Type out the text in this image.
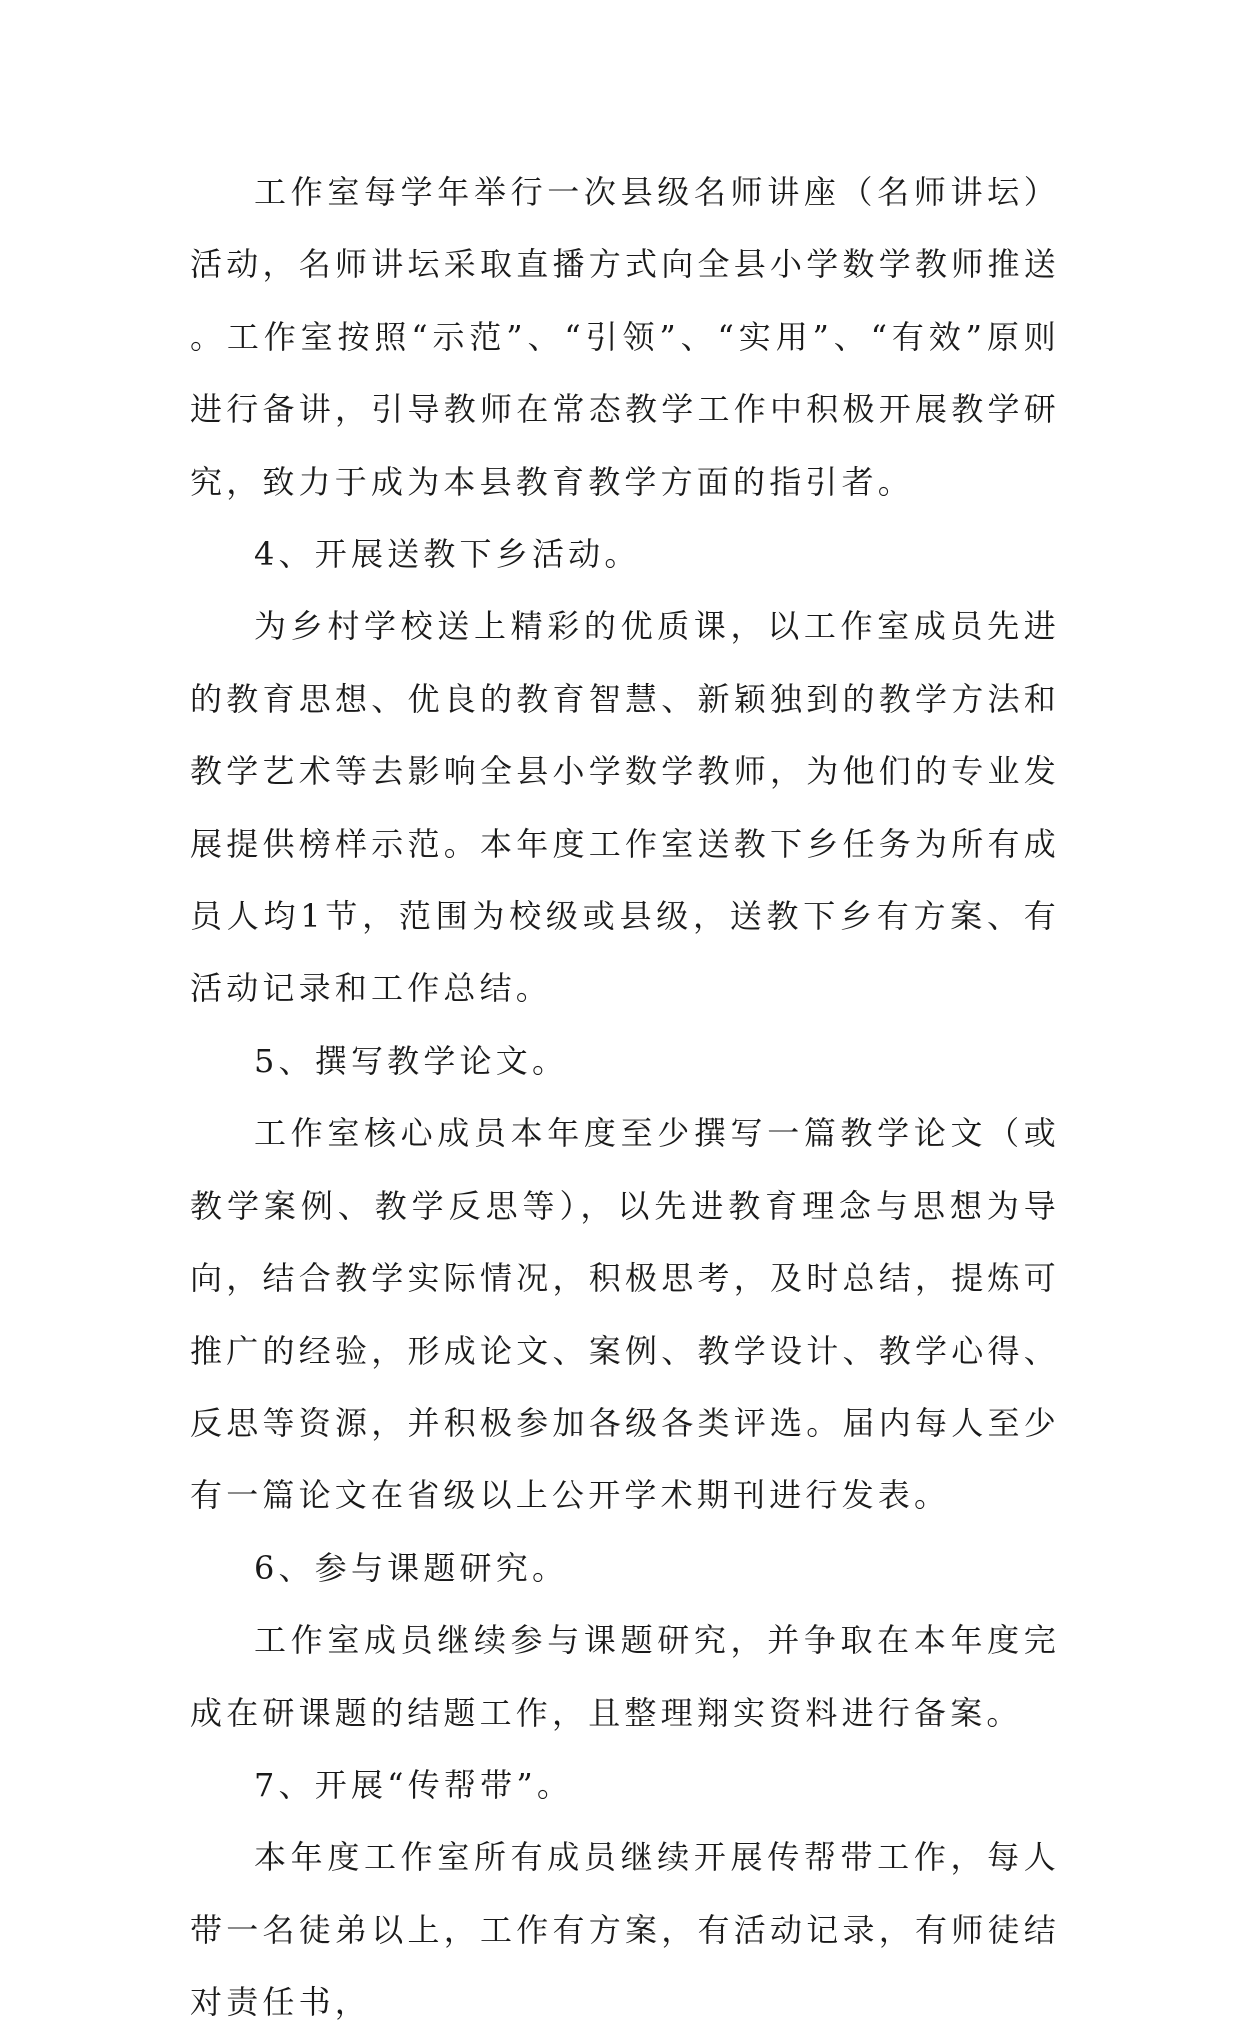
工作室每学年举行一次县级名师讲座（名师讲坛）活动，名师讲坛采取直播方式向全县小学数学教师推送。工作室按照“示范”、“引领”、“实用”、“有效”原则进行备讲，引导教师在常态教学工作中积极开展教学研究，致力于成为本县教育教学方面的指引者。

4、开展送教下乡活动。

为乡村学校送上精彩的优质课，以工作室成员先进的教育思想、优良的教育智慧、新颖独到的教学方法和教学艺术等去影响全县小学数学教师，为他们的专业发展提供榜样示范。本年度工作室送教下乡任务为所有成员人均1节，范围为校级或县级，送教下乡有方案、有活动记录和工作总结。

5、撰写教学论文。

工作室核心成员本年度至少撰写一篇教学论文（或教学案例、教学反思等），以先进教育理念与思想为导向，结合教学实际情况，积极思考，及时总结，提炼可推广的经验，形成论文、案例、教学设计、教学心得、反思等资源，并积极参加各级各类评选。届内每人至少有一篇论文在省级以上公开学术期刊进行发表。

6、参与课题研究。

工作室成员继续参与课题研究，并争取在本年度完成在研课题的结题工作，且整理翔实资料进行备案。

7、开展“传帮带”。

本年度工作室所有成员继续开展传帮带工作，每人带一名徒弟以上，工作有方案，有活动记录，有师徒结对责任书，
